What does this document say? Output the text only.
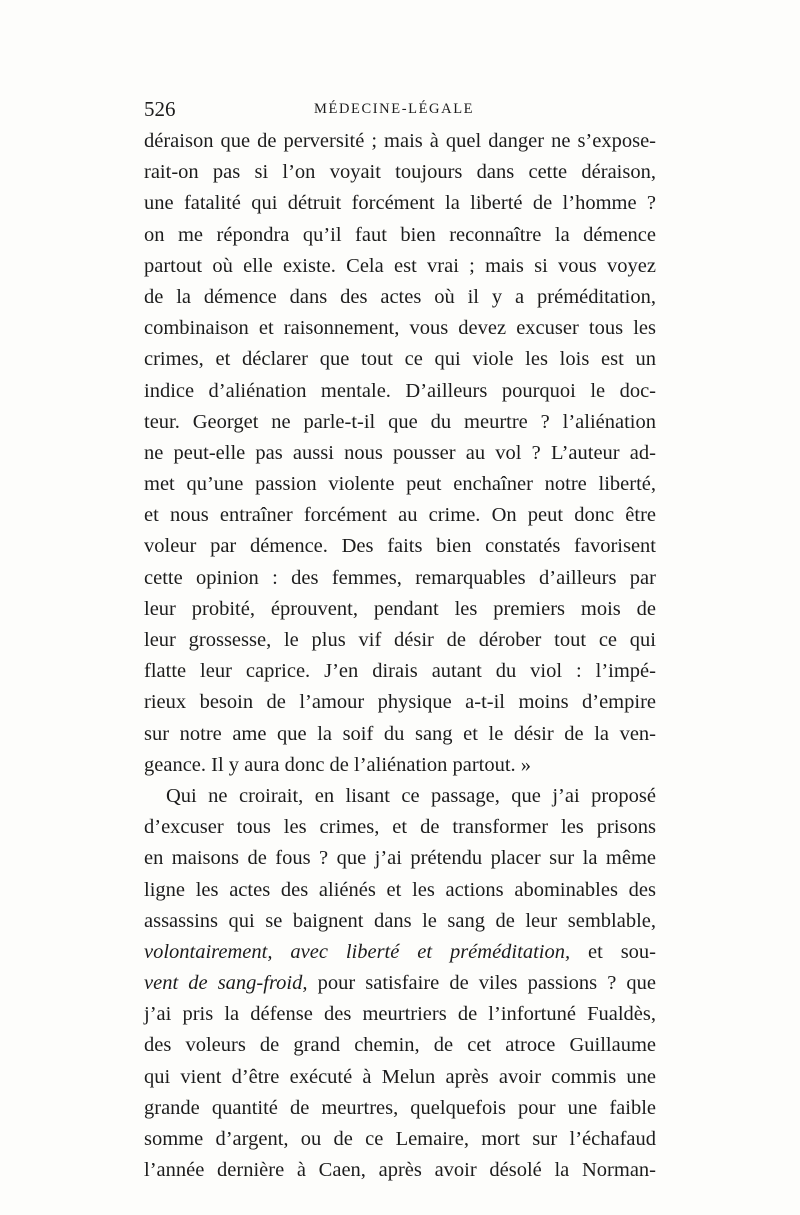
526	MÉDECINE-LÉGALE
déraison que de perversité ; mais à quel danger ne s’expose-
rait-on pas si l’on voyait toujours dans cette déraison,
une fatalité qui détruit forcément la liberté de l’homme ?
on me répondra qu’il faut bien reconnaître la démence
partout où elle existe. Cela est vrai ; mais si vous voyez
de la démence dans des actes où il y a préméditation,
combinaison et raisonnement, vous devez excuser tous les
crimes, et déclarer que tout ce qui viole les lois est un
indice d’aliénation mentale. D’ailleurs pourquoi le doc-
teur. Georget ne parle-t-il que du meurtre ? l’aliénation
ne peut-elle pas aussi nous pousser au vol ? L’auteur ad-
met qu’une passion violente peut enchaîner notre liberté,
et nous entraîner forcément au crime. On peut donc être
voleur par démence. Des faits bien constatés favorisent
cette opinion : des femmes, remarquables d’ailleurs par
leur probité, éprouvent, pendant les premiers mois de
leur grossesse, le plus vif désir de dérober tout ce qui
flatte leur caprice. J’en dirais autant du viol : l’impé-
rieux besoin de l’amour physique a-t-il moins d’empire
sur notre ame que la soif du sang et le désir de la ven-
geance. Il y aura donc de l’aliénation partout. »
Qui ne croirait, en lisant ce passage, que j’ai proposé
d’excuser tous les crimes, et de transformer les prisons
en maisons de fous ? que j’ai prétendu placer sur la même
ligne les actes des aliénés et les actions abominables des
assassins qui se baignent dans le sang de leur semblable,
volontairement, avec liberté et préméditation, et sou-
vent de sang-froid, pour satisfaire de viles passions ? que
j’ai pris la défense des meurtriers de l’infortuné Fualdès,
des voleurs de grand chemin, de cet atroce Guillaume
qui vient d’être exécuté à Melun après avoir commis une
grande quantité de meurtres, quelquefois pour une faible
somme d’argent, ou de ce Lemaire, mort sur l’échafaud
l’année dernière à Caen, après avoir désolé la Norman-
